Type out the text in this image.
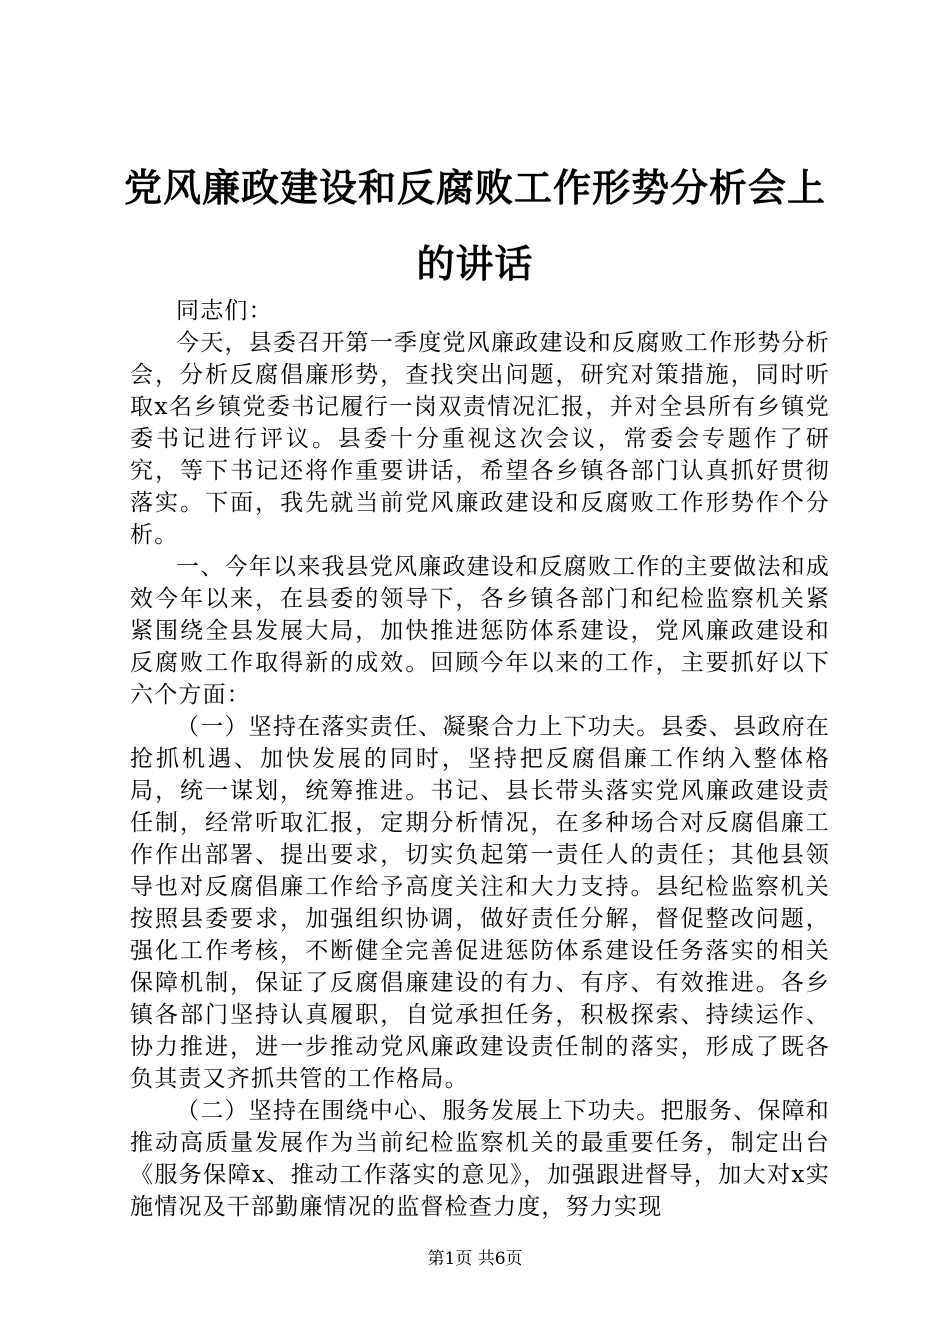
党风廉政建设和反腐败工作形势分析会上的讲话

同志们：

今天，县委召开第一季度党风廉政建设和反腐败工作形势分析会，分析反腐倡廉形势，查找突出问题，研究对策措施，同时听取x名乡镇党委书记履行一岗双责情况汇报，并对全县所有乡镇党委书记进行评议。县委十分重视这次会议，常委会专题作了研究，等下书记还将作重要讲话，希望各乡镇各部门认真抓好贯彻落实。下面，我先就当前党风廉政建设和反腐败工作形势作个分析。

一、今年以来我县党风廉政建设和反腐败工作的主要做法和成效今年以来，在县委的领导下，各乡镇各部门和纪检监察机关紧紧围绕全县发展大局，加快推进惩防体系建设，党风廉政建设和反腐败工作取得新的成效。回顾今年以来的工作，主要抓好以下六个方面：

（一）坚持在落实责任、凝聚合力上下功夫。县委、县政府在抢抓机遇、加快发展的同时，坚持把反腐倡廉工作纳入整体格局，统一谋划，统筹推进。书记、县长带头落实党风廉政建设责任制，经常听取汇报，定期分析情况，在多种场合对反腐倡廉工作作出部署、提出要求，切实负起第一责任人的责任；其他县领导也对反腐倡廉工作给予高度关注和大力支持。县纪检监察机关按照县委要求，加强组织协调，做好责任分解，督促整改问题，强化工作考核，不断健全完善促进惩防体系建设任务落实的相关保障机制，保证了反腐倡廉建设的有力、有序、有效推进。各乡镇各部门坚持认真履职，自觉承担任务，积极探索、持续运作、协力推进，进一步推动党风廉政建设责任制的落实，形成了既各负其责又齐抓共管的工作格局。

（二）坚持在围绕中心、服务发展上下功夫。把服务、保障和推动高质量发展作为当前纪检监察机关的最重要任务，制定出台《服务保障x、推动工作落实的意见》，加强跟进督导，加大对x实施情况及干部勤廉情况的监督检查力度，努力实现

第1页 共6页
